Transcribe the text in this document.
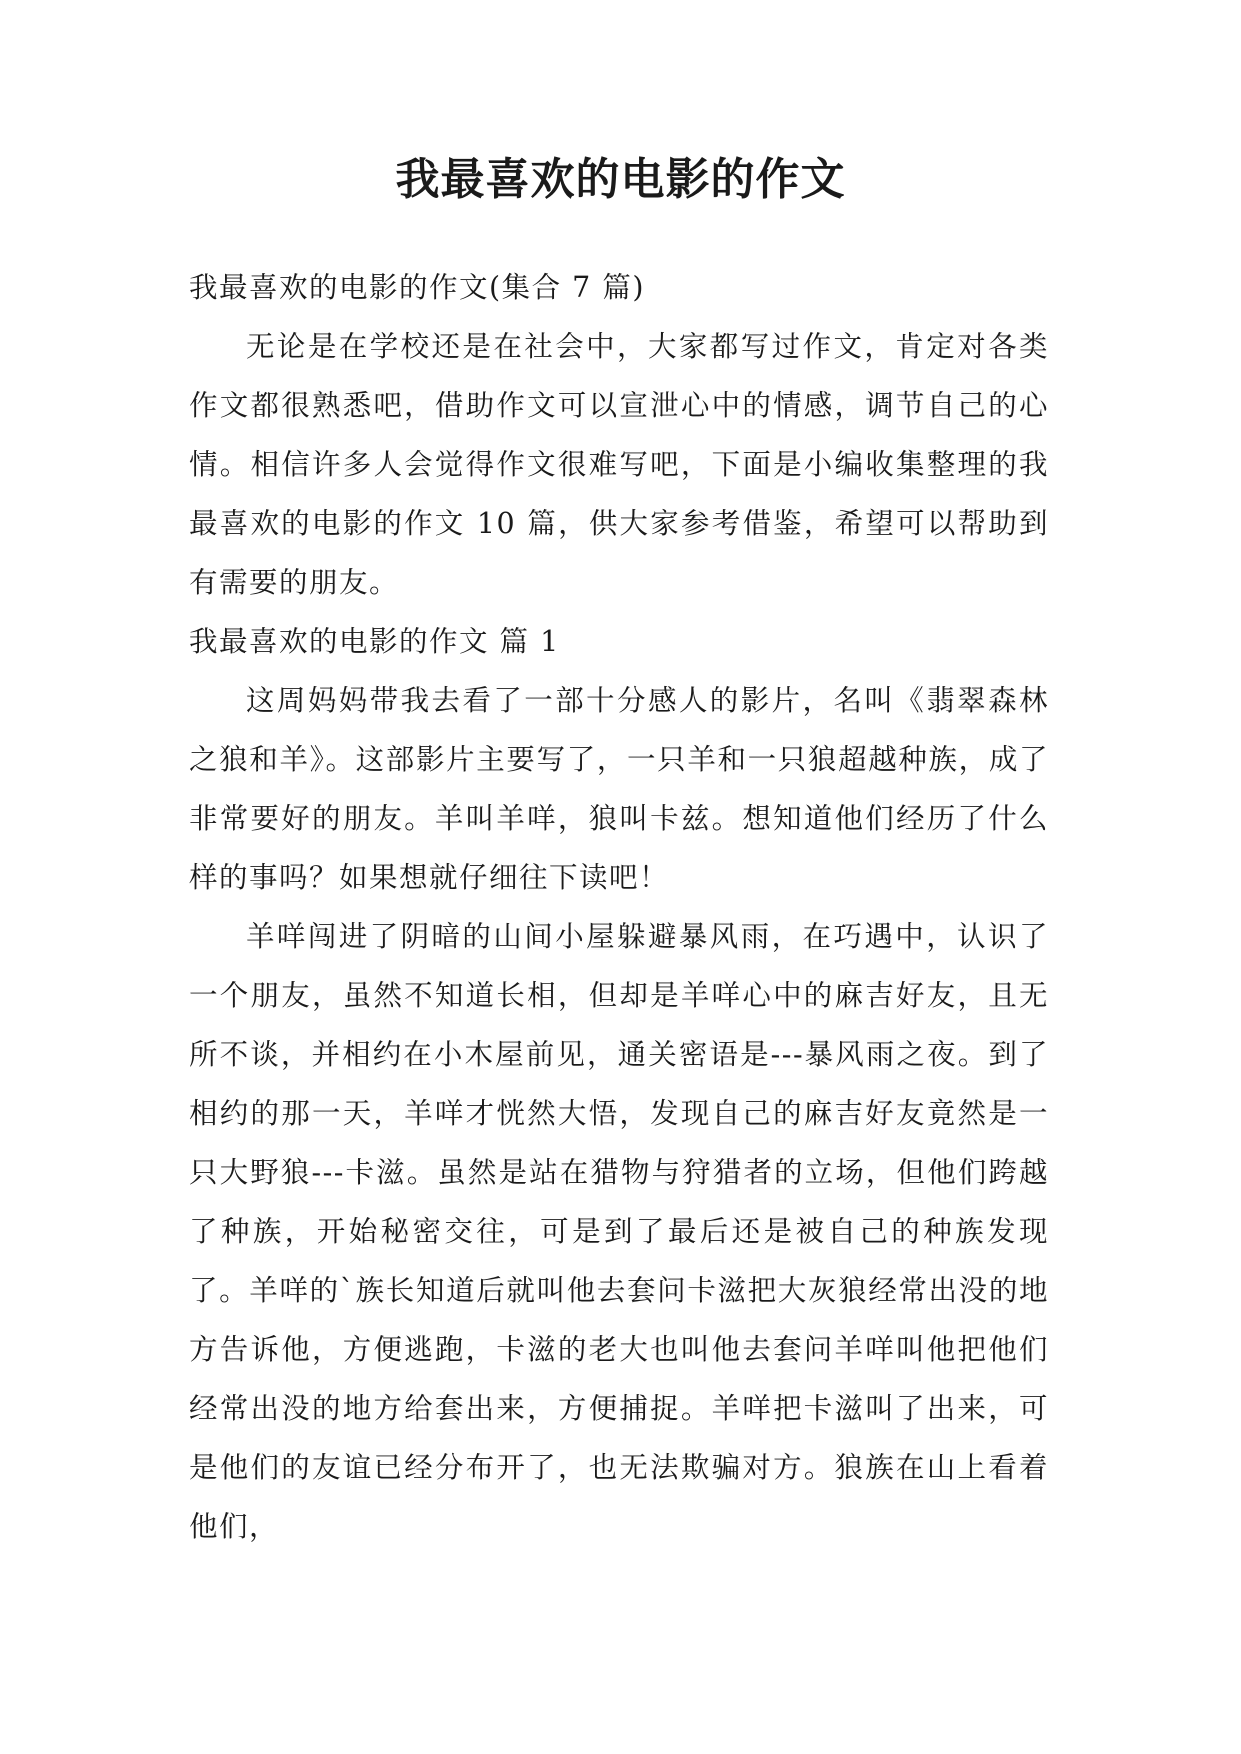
我最喜欢的电影的作文

我最喜欢的电影的作文(集合 7 篇)

无论是在学校还是在社会中，大家都写过作文，肯定对各类作文都很熟悉吧，借助作文可以宣泄心中的情感，调节自己的心情。相信许多人会觉得作文很难写吧，下面是小编收集整理的我最喜欢的电影的作文 10 篇，供大家参考借鉴，希望可以帮助到有需要的朋友。

我最喜欢的电影的作文 篇 1

这周妈妈带我去看了一部十分感人的影片，名叫《翡翠森林之狼和羊》。这部影片主要写了，一只羊和一只狼超越种族，成了非常要好的朋友。羊叫羊咩，狼叫卡兹。想知道他们经历了什么样的事吗？如果想就仔细往下读吧！

羊咩闯进了阴暗的山间小屋躲避暴风雨，在巧遇中，认识了一个朋友，虽然不知道长相，但却是羊咩心中的麻吉好友，且无所不谈，并相约在小木屋前见，通关密语是---暴风雨之夜。到了相约的那一天，羊咩才恍然大悟，发现自己的麻吉好友竟然是一只大野狼---卡滋。虽然是站在猎物与狩猎者的立场，但他们跨越了种族，开始秘密交往，可是到了最后还是被自己的种族发现了。羊咩的`族长知道后就叫他去套问卡滋把大灰狼经常出没的地方告诉他，方便逃跑，卡滋的老大也叫他去套问羊咩叫他把他们经常出没的地方给套出来，方便捕捉。羊咩把卡滋叫了出来，可是他们的友谊已经分布开了，也无法欺骗对方。狼族在山上看着他们，
